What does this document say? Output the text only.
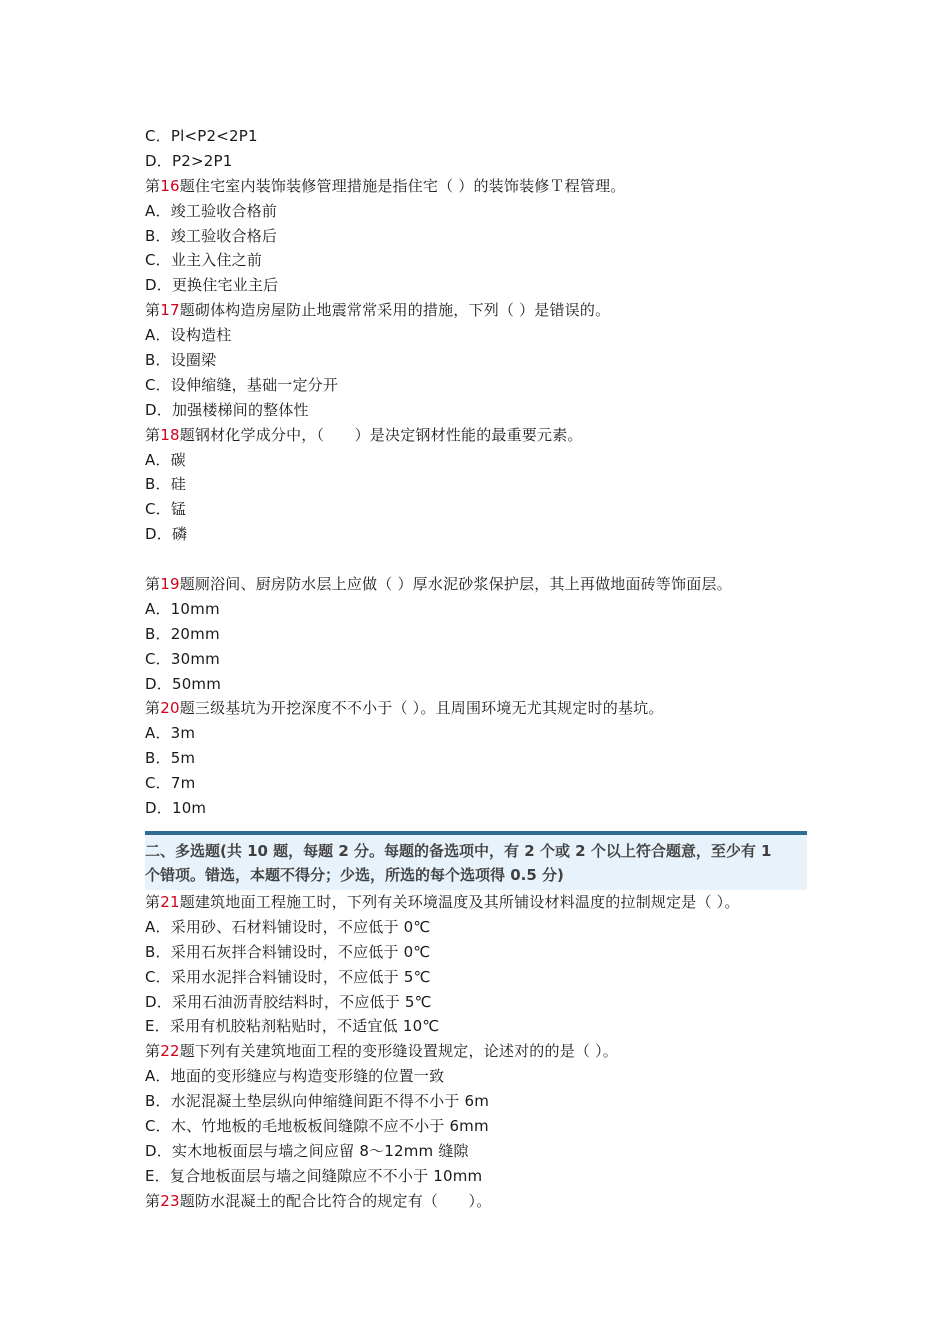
C．Pl<P2<2P1
D．P2>2P1
第16题住宅室内装饰装修管理措施是指住宅（ ）的装饰装修Ｔ程管理。
A．竣工验收合格前
B．竣工验收合格后
C．业主入住之前
D．更换住宅业主后
第17题砌体构造房屋防止地震常常采用的措施，下列（ ）是错误的。
A．设构造柱
B．设圈梁
C．设伸缩缝，基础一定分开
D．加强楼梯间的整体性
第18题钢材化学成分中，（　　）是决定钢材性能的最重要元素。
A．碳
B．硅
C．锰
D．磷
第19题厕浴间、厨房防水层上应做（ ）厚水泥砂浆保护层，其上再做地面砖等饰面层。
A．10mm
B．20mm
C．30mm
D．50mm
第20题三级基坑为开挖深度不不小于（ ）。且周围环境无尤其规定时的基坑。
A．3m
B．5m
C．7m
D．10m
二、多选题(共 10 题，每题 2 分。每题的备选项中，有 2 个或 2 个以上符合题意，至少有 1
个错项。错选，本题不得分；少选，所选的每个选项得 0.5 分)
第21题建筑地面工程施工时，下列有关环境温度及其所铺设材料温度的拉制规定是（ ）。
A．采用砂、石材料铺设时，不应低于 0℃
B．采用石灰拌合料铺设时，不应低于 0℃
C．采用水泥拌合料铺设时，不应低于 5℃
D．采用石油沥青胶结料时，不应低于 5℃
E．采用有机胶粘剂粘贴时，不适宜低 10℃
第22题下列有关建筑地面工程的变形缝设置规定，论述对的的是（ ）。
A．地面的变形缝应与构造变形缝的位置一致
B．水泥混凝土垫层纵向伸缩缝间距不得不小于 6m
C．木、竹地板的毛地板板间缝隙不应不小于 6mm
D．实木地板面层与墙之间应留 8～12mm 缝隙
E．复合地板面层与墙之间缝隙应不不小于 10mm
第23题防水混凝土的配合比符合的规定有（　　）。
